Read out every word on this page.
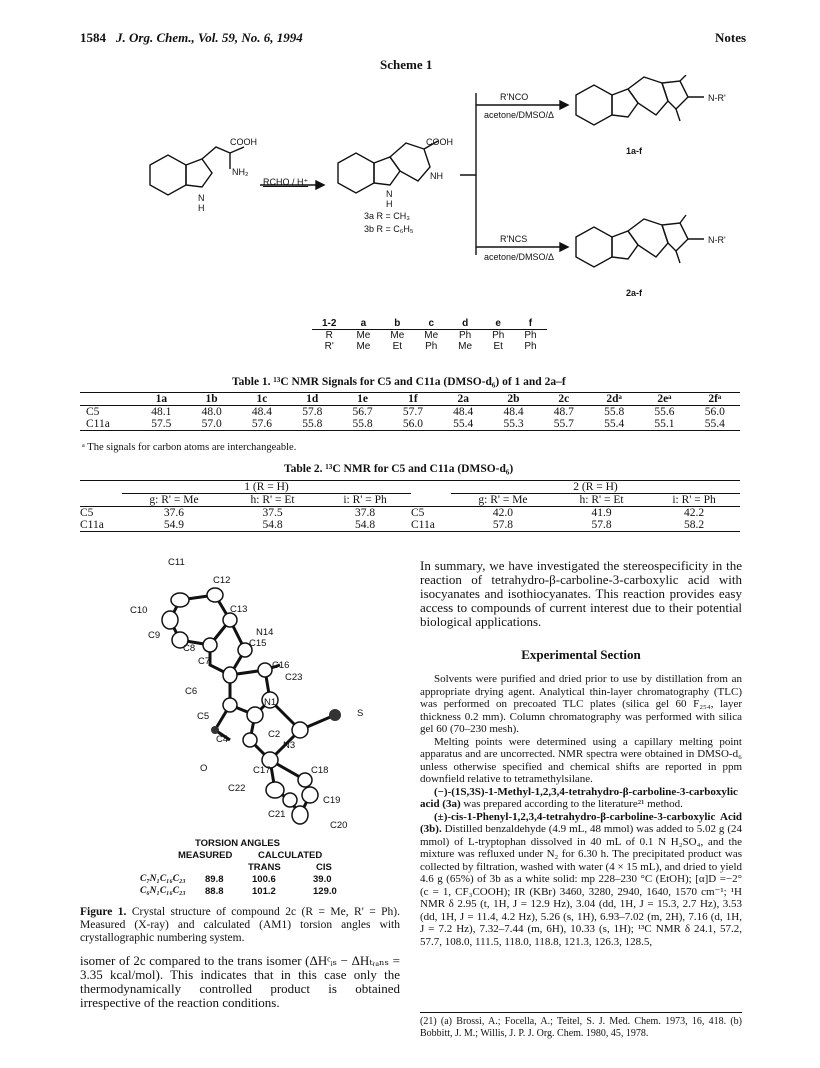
1584 J. Org. Chem., Vol. 59, No. 6, 1994	Notes
Scheme 1
COOH
NH₂
N
H
COOH
NH
N
H
N-R'
N-R'
RCHO / H⁺
R'NCO
acetone/DMSO/Δ
R'NCS
acetone/DMSO/Δ
1a-f
2a-f
3a R = CH₃
3b R = C₆H₅
1-2	a	b	c	d	e	f
R	Me	Me	Me	Ph	Ph	Ph
R'	Me	Et	Ph	Me	Et	Ph
Table 1. ¹³C NMR Signals for C5 and C11a (DMSO-d₆) of 1 and 2a–f
	1a	1b	1c	1d	1e	1f	2a	2b	2c	2dᵃ	2eᵃ	2fᵃ
C5	48.1	48.0	48.4	57.8	56.7	57.7	48.4	48.4	48.7	55.8	55.6	56.0
C11a	57.5	57.0	57.6	55.8	55.8	56.0	55.4	55.3	55.7	55.4	55.1	55.4
ᵃ The signals for carbon atoms are interchangeable.
Table 2. ¹³C NMR for C5 and C11a (DMSO-d₆)
	1 (R = H)				2 (R = H)		
	g: R' = Me	h: R' = Et	i: R' = Ph		g: R' = Me	h: R' = Et	i: R' = Ph
C5	37.6	37.5	37.8	C5	42.0	41.9	42.2
C11a	54.9	54.8	54.8	C11a	57.8	57.8	58.2
C11
C12
C10	C13
N14
C9
C15
C8
C16
C7
C23
C6
N1
S
C5
C2
C4
N3
O	C17	C18
C22
C19
C21
C20
TORSION ANGLES
MEASURED	CALCULATED
TRANS	CIS
C₇N₁C₁₆C₂₃ 89.8	100.6	39.0
C₆N₁C₁₆C₂₃ 88.8	101.2	129.0
Figure 1. Crystal structure of compound 2c (R = Me, R' = Ph). Measured (X-ray) and calculated (AM1) torsion angles with crystallographic numbering system.
isomer of 2c compared to the trans isomer (ΔHᶜᵢₛ − ΔHₜᵣₐₙₛ = 3.35 kcal/mol). This indicates that in this case only the thermodynamically controlled product is obtained irrespective of the reaction conditions.

In summary, we have investigated the stereospecificity in the reaction of tetrahydro-β-carboline-3-carboxylic acid with isocyanates and isothiocyanates. This reaction provides easy access to compounds of current interest due to their potential biological applications.

Experimental Section

Solvents were purified and dried prior to use by distillation from an appropriate drying agent. Analytical thin-layer chromatography (TLC) was performed on precoated TLC plates (silica gel 60 F₂₅₄, layer thickness 0.2 mm). Column chromatography was performed with silica gel 60 (70–230 mesh).

Melting points were determined using a capillary melting point apparatus and are uncorrected. NMR spectra were obtained in DMSO-d₆ unless otherwise specified and chemical shifts are reported in ppm downfield relative to tetramethylsilane.

(−)-(1S,3S)-1-Methyl-1,2,3,4-tetrahydro-β-carboline-3-carboxylic acid (3a) was prepared according to the literature²¹ method.

(±)-cis-1-Phenyl-1,2,3,4-tetrahydro-β-carboline-3-carboxylic Acid (3b). Distilled benzaldehyde (4.9 mL, 48 mmol) was added to 5.02 g (24 mmol) of L-tryptophan dissolved in 40 mL of 0.1 N H₂SO₄, and the mixture was refluxed under N₂ for 6.30 h. The precipitated product was collected by filtration, washed with water (4 × 15 mL), and dried to yield 4.6 g (65%) of 3b as a white solid: mp 228–230 °C (EtOH); [α]D =−2° (c = 1, CF₃COOH); IR (KBr) 3460, 3280, 2940, 1640, 1570 cm⁻¹; ¹H NMR δ 2.95 (t, 1H, J = 12.9 Hz), 3.04 (dd, 1H, J = 15.3, 2.7 Hz), 3.53 (dd, 1H, J = 11.4, 4.2 Hz), 5.26 (s, 1H), 6.93–7.02 (m, 2H), 7.16 (d, 1H, J = 7.2 Hz), 7.32–7.44 (m, 6H), 10.33 (s, 1H); ¹³C NMR δ 24.1, 57.2, 57.7, 108.0, 111.5, 118.0, 118.8, 121.3, 126.3, 128.5,

(21) (a) Brossi, A.; Focella, A.; Teitel, S. J. Med. Chem. 1973, 16, 418. (b) Bobbitt, J. M.; Willis, J. P. J. Org. Chem. 1980, 45, 1978.
